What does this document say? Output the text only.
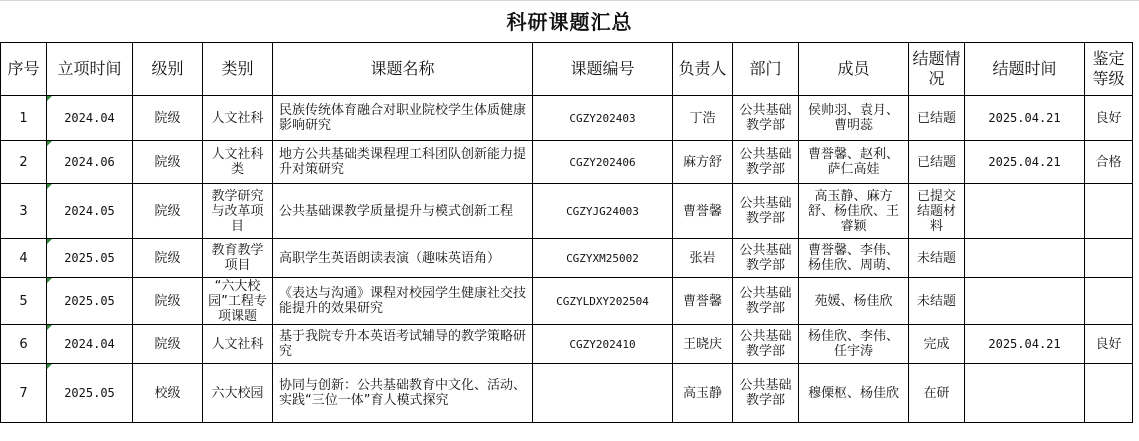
科研课题汇总
序号	立项时间	级别	类别	课题名称	课题编号	负责人	部门	成员	结题情况	结题时间	鉴定等级
1	2024.04	院级	人文社科	民族传统体育融合对职业院校学生体质健康影响研究	CGZY202403	丁浩	公共基础教学部	侯帅羽、袁月、曹明蕊	已结题	2025.04.21	良好
2	2024.06	院级	人文社科类	地方公共基础类课程理工科团队创新能力提升对策研究	CGZY202406	麻方舒	公共基础教学部	曹誉馨、赵利、萨仁高娃	已结题	2025.04.21	合格
3	2024.05	院级	教学研究与改革项目	公共基础课教学质量提升与模式创新工程	CGZYJG24003	曹誉馨	公共基础教学部	高玉静、麻方舒、杨佳欣、王睿颖	已提交结题材料		
4	2025.05	院级	教育教学项目	高职学生英语朗读表演（趣味英语角）	CGZYXM25002	张岩	公共基础教学部	曹誉馨、李伟、杨佳欣、周萌、	未结题		
5	2025.05	院级	“六大校园”工程专项课题	《表达与沟通》课程对校园学生健康社交技能提升的效果研究	CGZYLDXY202504	曹誉馨	公共基础教学部	苑媛、杨佳欣	未结题		
6	2024.04	院级	人文社科	基于我院专升本英语考试辅导的教学策略研究	CGZY202410	王晓庆	公共基础教学部	杨佳欣、李伟、任宇涛	完成	2025.04.21	良好
7	2025.05	校级	六大校园	协同与创新：公共基础教育中文化、活动、实践“三位一体”育人模式探究		高玉静	公共基础教学部	穆傈枢、杨佳欣	在研		
